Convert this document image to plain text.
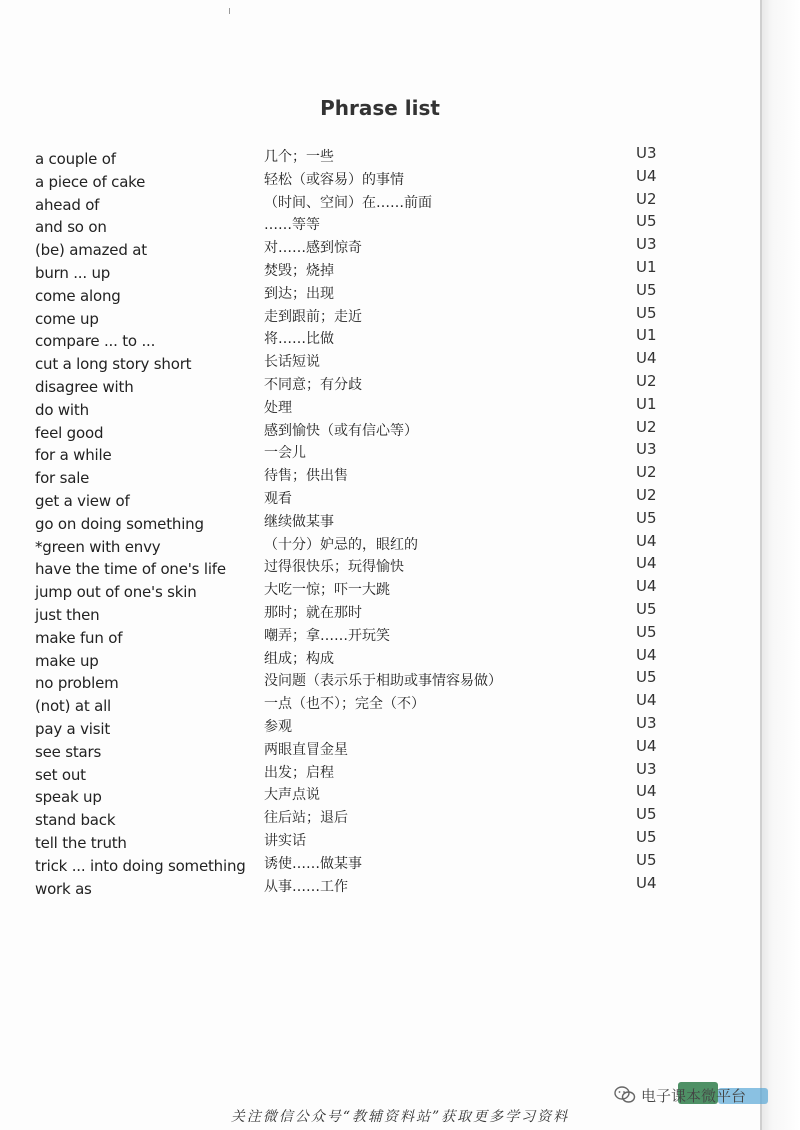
Phrase list
a couple of
a piece of cake
ahead of
and so on
(be) amazed at
burn ... up
come along
come up
compare ... to ...
cut a long story short
disagree with
do with
feel good
for a while
for sale
get a view of
go on doing something
*green with envy
have the time of one's life
jump out of one's skin
just then
make fun of
make up
no problem
(not) at all
pay a visit
see stars
set out
speak up
stand back
tell the truth
trick ... into doing something
work as
几个；一些
轻松（或容易）的事情
（时间、空间）在……前面
……等等
对……感到惊奇
焚毁；烧掉
到达；出现
走到跟前；走近
将……比做
长话短说
不同意；有分歧
处理
感到愉快（或有信心等）
一会儿
待售；供出售
观看
继续做某事
（十分）妒忌的，眼红的
过得很快乐；玩得愉快
大吃一惊；吓一大跳
那时；就在那时
嘲弄；拿……开玩笑
组成；构成
没问题（表示乐于相助或事情容易做）
一点（也不）；完全（不）
参观
两眼直冒金星
出发；启程
大声点说
往后站；退后
讲实话
诱使……做某事
从事……工作
U3
U4
U2
U5
U3
U1
U5
U5
U1
U4
U2
U1
U2
U3
U2
U2
U5
U4
U4
U4
U5
U5
U4
U5
U4
U3
U4
U3
U4
U5
U5
U5
U4
电子课本微平台
关注微信公众号“教辅资料站”获取更多学习资料
